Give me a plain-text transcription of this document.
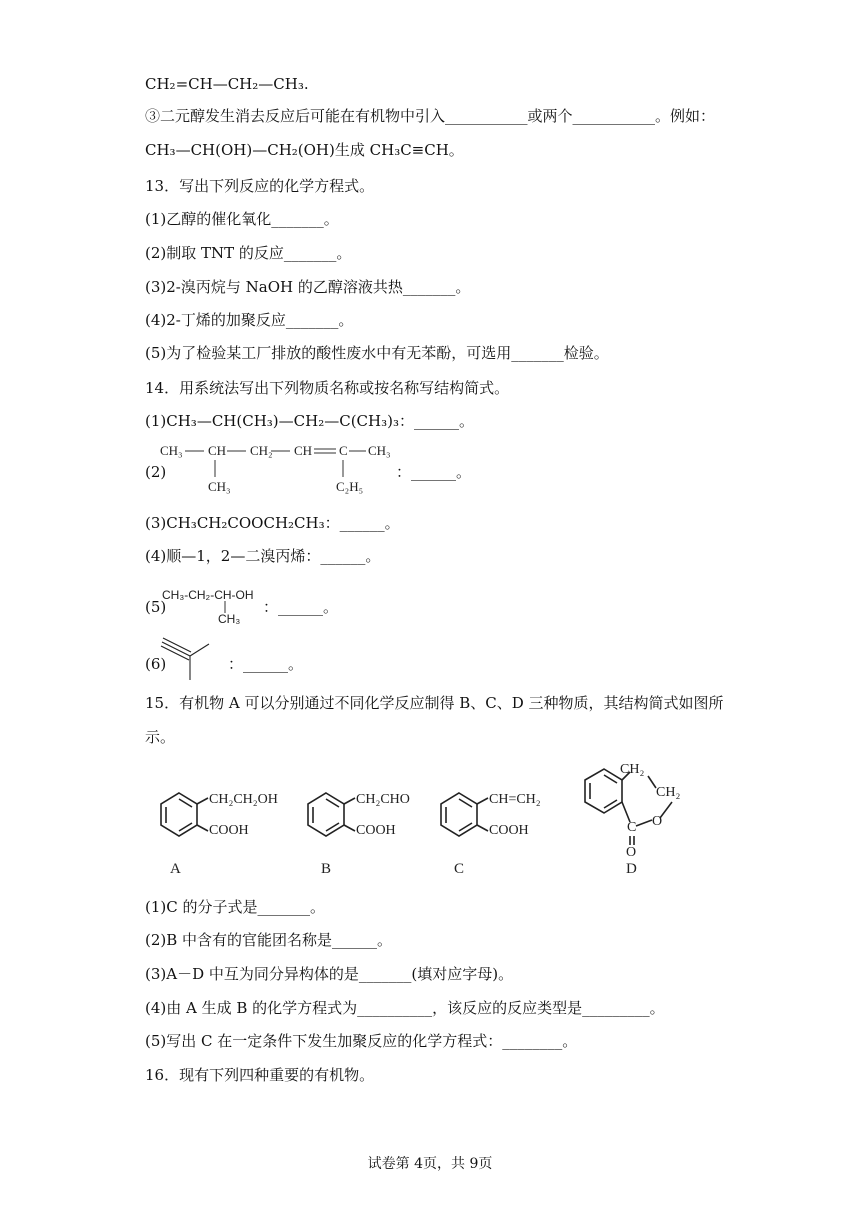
CH₂=CH—CH₂—CH₃.
③二元醇发生消去反应后可能在有机物中引入___________或两个___________。例如：
CH₃—CH(OH)—CH₂(OH)生成 CH₃C≡CH。
13．写出下列反应的化学方程式。
(1)乙醇的催化氧化_______。
(2)制取 TNT 的反应_______。
(3)2-溴丙烷与 NaOH 的乙醇溶液共热_______。
(4)2-丁烯的加聚反应_______。
(5)为了检验某工厂排放的酸性废水中有无苯酚，可选用_______检验。
14．用系统法写出下列物质名称或按名称写结构简式。
(1)CH₃—CH(CH₃)—CH₂—C(CH₃)₃：______。
(2)
CH₃ CH CH₂ CH C CH₃
CH₃	C₂H₅
：______。
(3)CH₃CH₂COOCH₂CH₃：______。
(4)顺—1，2—二溴丙烯：______。
(5)
CH₃-CH₂-CH-OH
CH₃
：______。
(6)	：______。
15．有机物 A 可以分别通过不同化学反应制得 B、C、D 三种物质，其结构简式如图所
示。
CH₂CH₂OH
COOH
A
CH₂CHO
COOH
B
CH=CH₂
COOH
C
CH₂
CH₂
O
C
O
D
(1)C 的分子式是_______。
(2)B 中含有的官能团名称是______。
(3)A－D 中互为同分异构体的是_______(填对应字母)。
(4)由 A 生成 B 的化学方程式为__________，该反应的反应类型是_________。
(5)写出 C 在一定条件下发生加聚反应的化学方程式：________。
16．现有下列四种重要的有机物。
试卷第 4页，共 9页
